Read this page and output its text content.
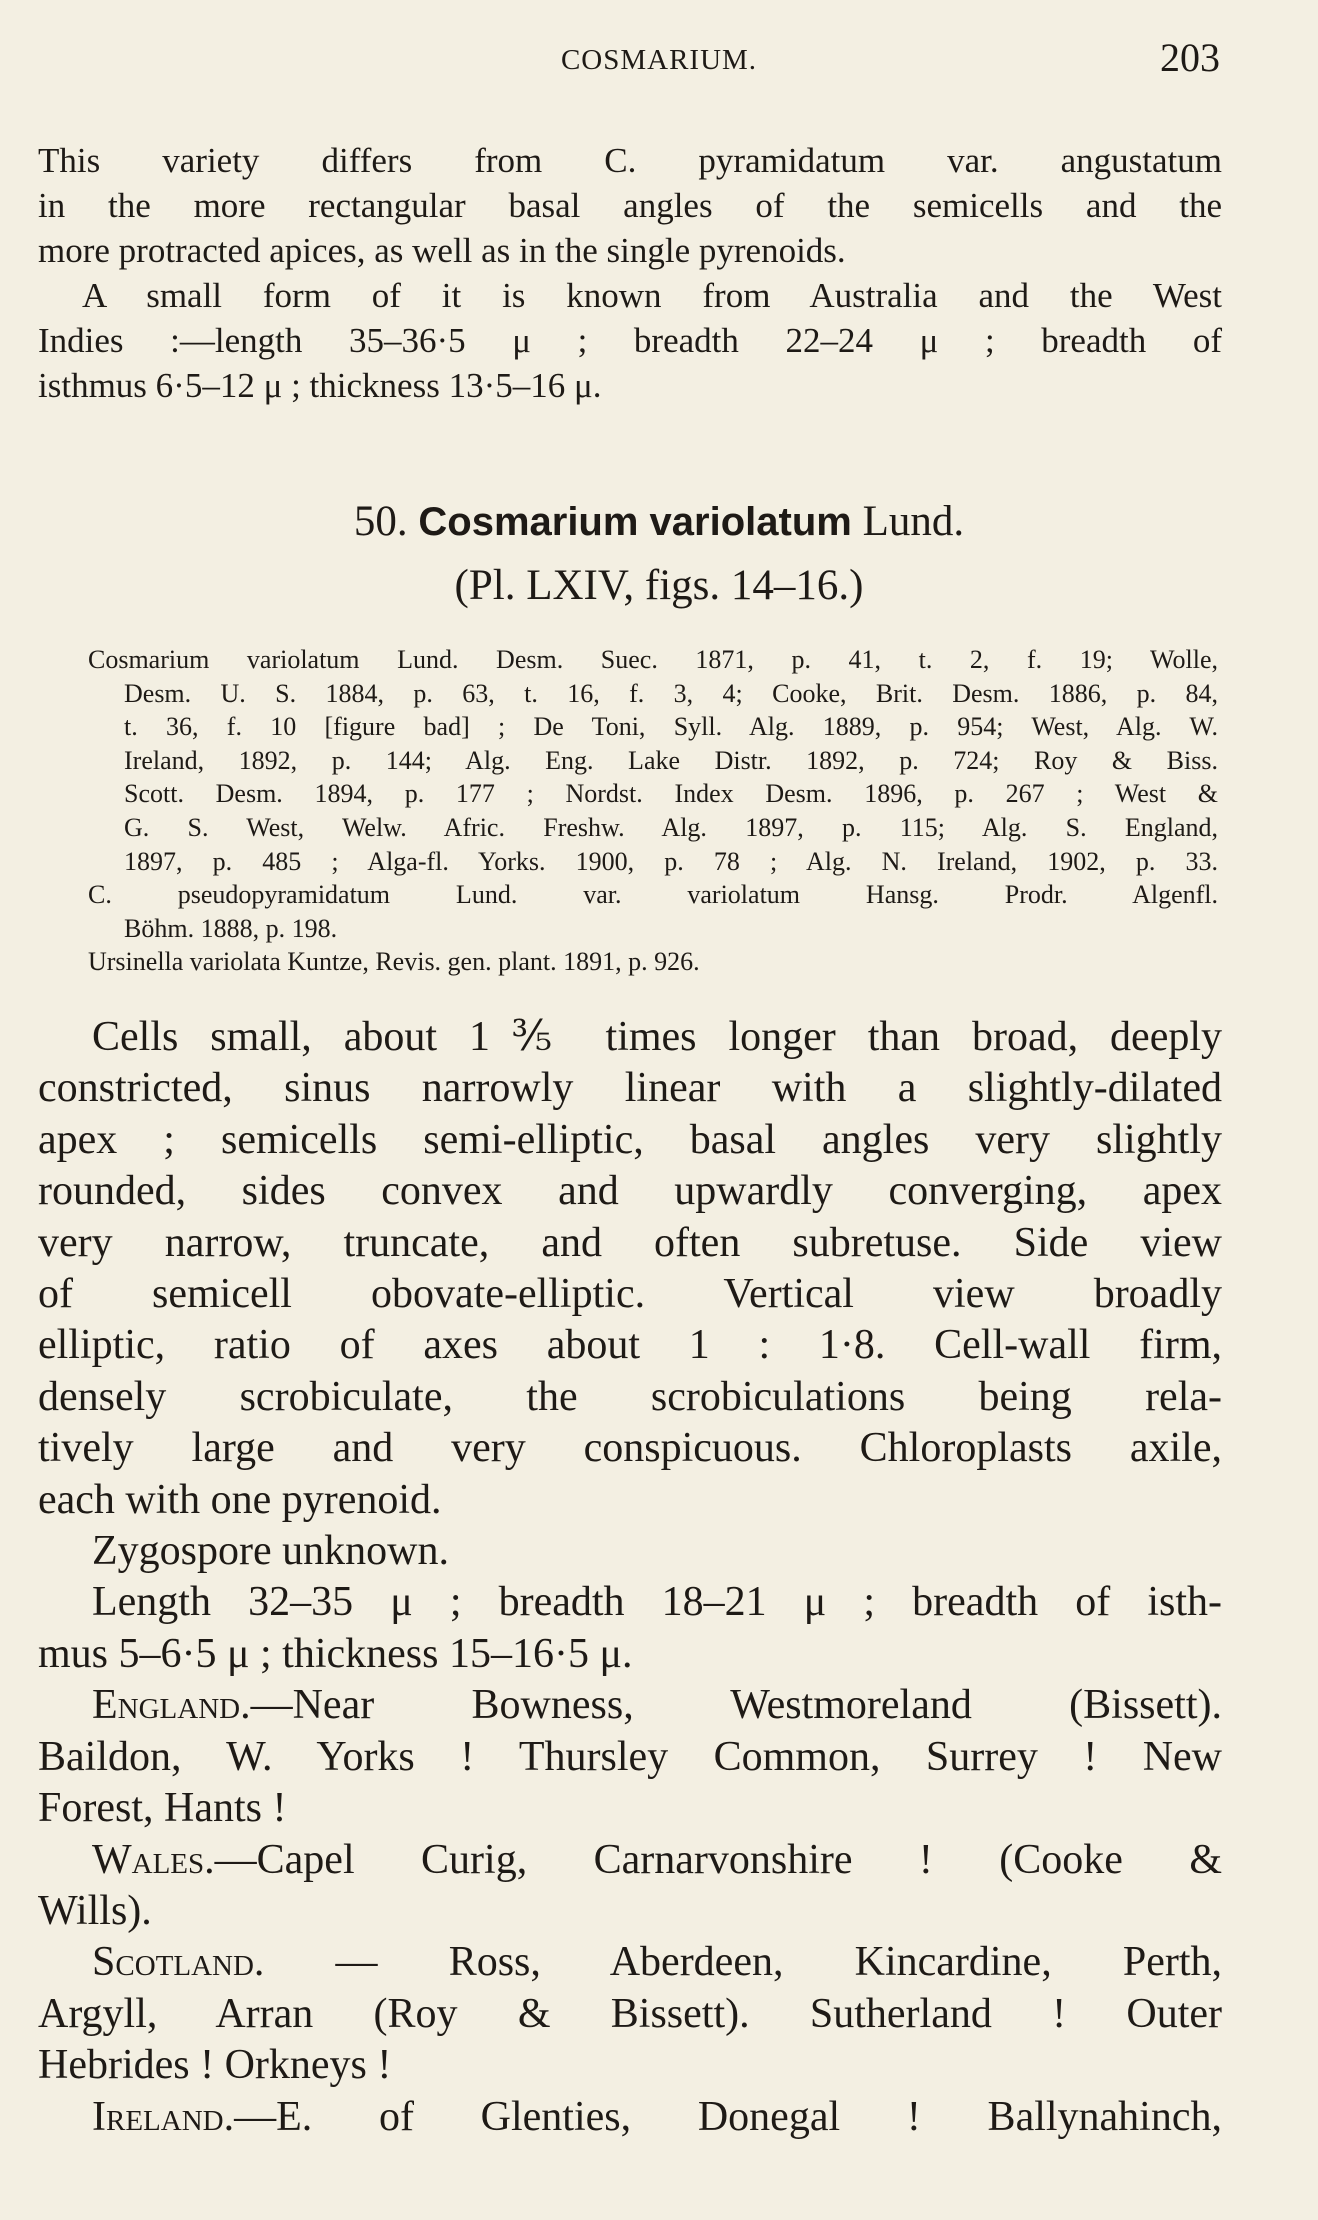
COSMARIUM.	203
This variety differs from C. pyramidatum var. angustatum
in the more rectangular basal angles of the semicells and the
more protracted apices, as well as in the single pyrenoids.
A small form of it is known from Australia and the West
Indies :—length 35–36·5 μ ; breadth 22–24 μ ; breadth of
isthmus 6·5–12 μ ; thickness 13·5–16 μ.
50. Cosmarium variolatum Lund.
(Pl. LXIV, figs. 14–16.)
Cosmarium variolatum Lund. Desm. Suec. 1871, p. 41, t. 2, f. 19; Wolle,
Desm. U. S. 1884, p. 63, t. 16, f. 3, 4; Cooke, Brit. Desm. 1886, p. 84,
t. 36, f. 10 [figure bad] ; De Toni, Syll. Alg. 1889, p. 954; West, Alg. W.
Ireland, 1892, p. 144; Alg. Eng. Lake Distr. 1892, p. 724; Roy & Biss.
Scott. Desm. 1894, p. 177 ; Nordst. Index Desm. 1896, p. 267 ; West &
G. S. West, Welw. Afric. Freshw. Alg. 1897, p. 115; Alg. S. England,
1897, p. 485 ; Alga-fl. Yorks. 1900, p. 78 ; Alg. N. Ireland, 1902, p. 33.
C. pseudopyramidatum Lund. var. variolatum Hansg. Prodr. Algenfl.
Böhm. 1888, p. 198.
Ursinella variolata Kuntze, Revis. gen. plant. 1891, p. 926.
Cells small, about 1⅗ times longer than broad, deeply
constricted, sinus narrowly linear with a slightly-dilated
apex ; semicells semi-elliptic, basal angles very slightly
rounded, sides convex and upwardly converging, apex
very narrow, truncate, and often subretuse. Side view
of semicell obovate-elliptic. Vertical view broadly
elliptic, ratio of axes about 1 : 1·8. Cell-wall firm,
densely scrobiculate, the scrobiculations being rela-
tively large and very conspicuous. Chloroplasts axile,
each with one pyrenoid.
Zygospore unknown.
Length 32–35 μ ; breadth 18–21 μ ; breadth of isth-
mus 5–6·5 μ ; thickness 15–16·5 μ.
England.—Near Bowness, Westmoreland (Bissett).
Baildon, W. Yorks ! Thursley Common, Surrey ! New
Forest, Hants !
Wales.—Capel Curig, Carnarvonshire ! (Cooke &
Wills).
Scotland. — Ross, Aberdeen, Kincardine, Perth,
Argyll, Arran (Roy & Bissett). Sutherland ! Outer
Hebrides ! Orkneys !
Ireland.—E. of Glenties, Donegal ! Ballynahinch,
